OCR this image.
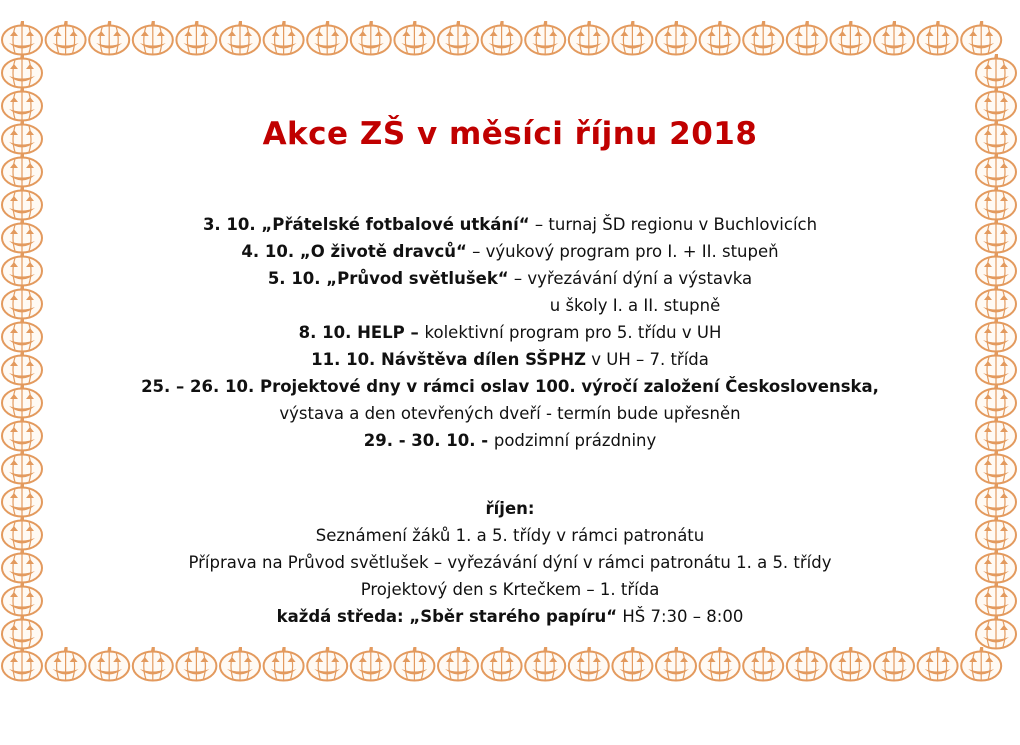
Akce ZŠ v měsíci říjnu 2018
3. 10. „Přátelské fotbalové utkání“ – turnaj ŠD regionu v Buchlovicích
4. 10. „O životě dravců“ – výukový program pro I. + II. stupeň
5. 10. „Průvod světlušek“ – vyřezávání dýní a výstavka
u školy I. a II. stupně
8. 10. HELP – kolektivní program pro 5. třídu v UH
11. 10. Návštěva dílen SŠPHZ v UH – 7. třída
25. – 26. 10. Projektové dny v rámci oslav 100. výročí založení Československa,
výstava a den otevřených dveří - termín bude upřesněn
29. - 30. 10. - podzimní prázdniny
říjen:
Seznámení žáků 1. a 5. třídy v rámci patronátu
Příprava na Průvod světlušek – vyřezávání dýní v rámci patronátu 1. a 5. třídy
Projektový den s Krtečkem – 1. třída
každá středa: „Sběr starého papíru“ HŠ 7:30 – 8:00
